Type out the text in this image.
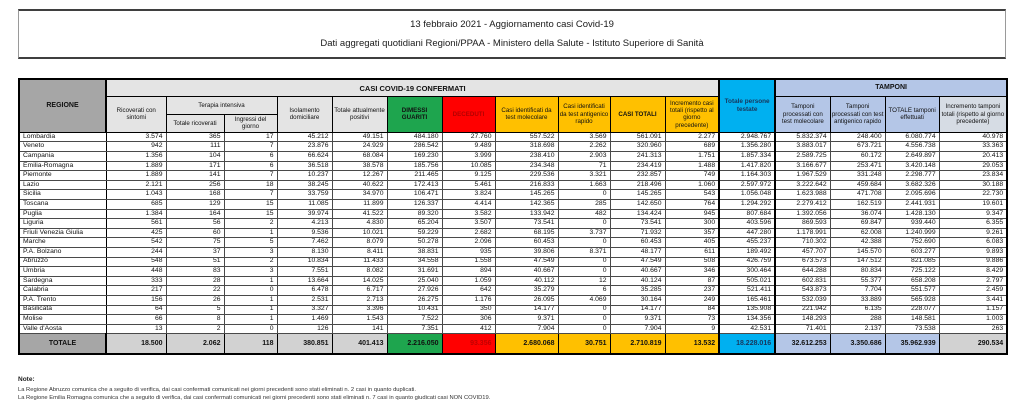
13 febbraio 2021 - Aggiornamento casi Covid-19
Dati aggregati quotidiani Regioni/PPAA - Ministero della Salute - Istituto Superiore di Sanità
REGIONE	CASI COVID-19 CONFERMATI											Totale persone testate	TAMPONI			
	Ricoverati con sintomi	Terapia intensiva		Isolamento domiciliare	Totale attualmente positivi	DIMESSI GUARITI	DECEDUTI	Casi identificati da test molecolare	Casi identificati da test antigenico rapido	CASI TOTALI	Incremento casi totali (rispetto al giorno precedente)		Tamponi processati con test molecolare	Tamponi processati con test antigenico rapido	TOTALE tamponi effettuati	Incremento tamponi totali (rispetto al giorno precedente)
		Totale ricoverati	Ingressi del giorno													
Lombardia	3.574	365	17	45.212	49.151	484.180	27.760	557.522	3.569	561.091	2.277	2.948.767	5.832.374	248.400	6.080.774	40.978
Veneto	942	111	7	23.876	24.929	286.542	9.489	318.698	2.262	320.960	689	1.356.280	3.883.017	673.721	4.556.738	33.363
Campania	1.356	104	6	66.624	68.084	169.230	3.999	238.410	2.903	241.313	1.751	1.857.334	2.589.725	60.172	2.649.897	20.413
Emilia-Romagna	1.889	171	6	36.518	38.578	185.756	10.085	234.348	71	234.419	1.488	1.417.820	3.166.677	253.471	3.420.148	29.053
Piemonte	1.889	141	7	10.237	12.267	211.465	9.125	229.536	3.321	232.857	749	1.164.303	1.967.529	331.248	2.298.777	23.834
Lazio	2.121	256	18	38.245	40.622	172.413	5.461	216.833	1.663	218.496	1.060	2.597.972	3.222.642	459.684	3.682.326	30.188
Sicilia	1.043	168	7	33.759	34.970	106.471	3.824	145.265	0	145.265	543	1.056.048	1.623.988	471.708	2.095.696	22.730
Toscana	685	129	15	11.085	11.899	126.337	4.414	142.365	285	142.650	764	1.294.292	2.279.412	162.519	2.441.931	19.601
Puglia	1.384	164	15	39.974	41.522	89.320	3.582	133.942	482	134.424	945	807.684	1.392.056	36.074	1.428.130	9.347
Liguria	561	56	2	4.213	4.830	65.204	3.507	73.541	0	73.541	300	403.596	869.593	69.847	939.440	6.355
Friuli Venezia Giulia	425	60	1	9.536	10.021	59.229	2.682	68.195	3.737	71.932	357	447.280	1.178.991	62.008	1.240.999	9.261
Marche	542	75	5	7.462	8.079	50.278	2.096	60.453	0	60.453	405	455.237	710.302	42.388	752.690	6.083
P.A. Bolzano	244	37	3	8.130	8.411	38.831	935	39.806	8.371	48.177	611	189.492	457.707	145.570	603.277	9.893
Abruzzo	548	51	2	10.834	11.433	34.558	1.558	47.549	0	47.549	508	426.759	673.573	147.512	821.085	9.886
Umbria	448	83	3	7.551	8.082	31.691	894	40.667	0	40.667	346	300.464	644.288	80.834	725.122	8.429
Sardegna	333	28	1	13.664	14.025	25.040	1.059	40.112	12	40.124	87	505.021	602.831	55.377	658.208	2.797
Calabria	217	22	0	6.478	6.717	27.926	642	35.279	6	35.285	237	521.411	543.873	7.704	551.577	2.459
P.A. Trento	156	26	1	2.531	2.713	26.275	1.176	26.095	4.069	30.164	249	165.461	532.039	33.889	565.928	3.441
Basilicata	64	5	1	3.327	3.396	10.431	350	14.177	0	14.177	84	135.908	221.942	6.135	228.077	1.157
Molise	66	8	1	1.469	1.543	7.522	306	9.371	0	9.371	73	134.356	148.293	288	148.581	1.003
Valle d'Aosta	13	2	0	126	141	7.351	412	7.904	0	7.904	9	42.531	71.401	2.137	73.538	263
TOTALE	18.500	2.062	118	380.851	401.413	2.216.050	93.356	2.680.068	30.751	2.710.819	13.532	18.228.016	32.612.253	3.350.686	35.962.939	290.534
Note:
La Regione Abruzzo comunica che a seguito di verifica, dai casi confermati comunicati nei giorni precedenti sono stati eliminati n. 2 casi in quanto duplicati.
La Regione Emilia Romagna comunica che a seguito di verifica, dai casi confermati comunicati nei giorni precedenti sono stati eliminati n. 7 casi in quanto giudicati casi NON COVID19.
